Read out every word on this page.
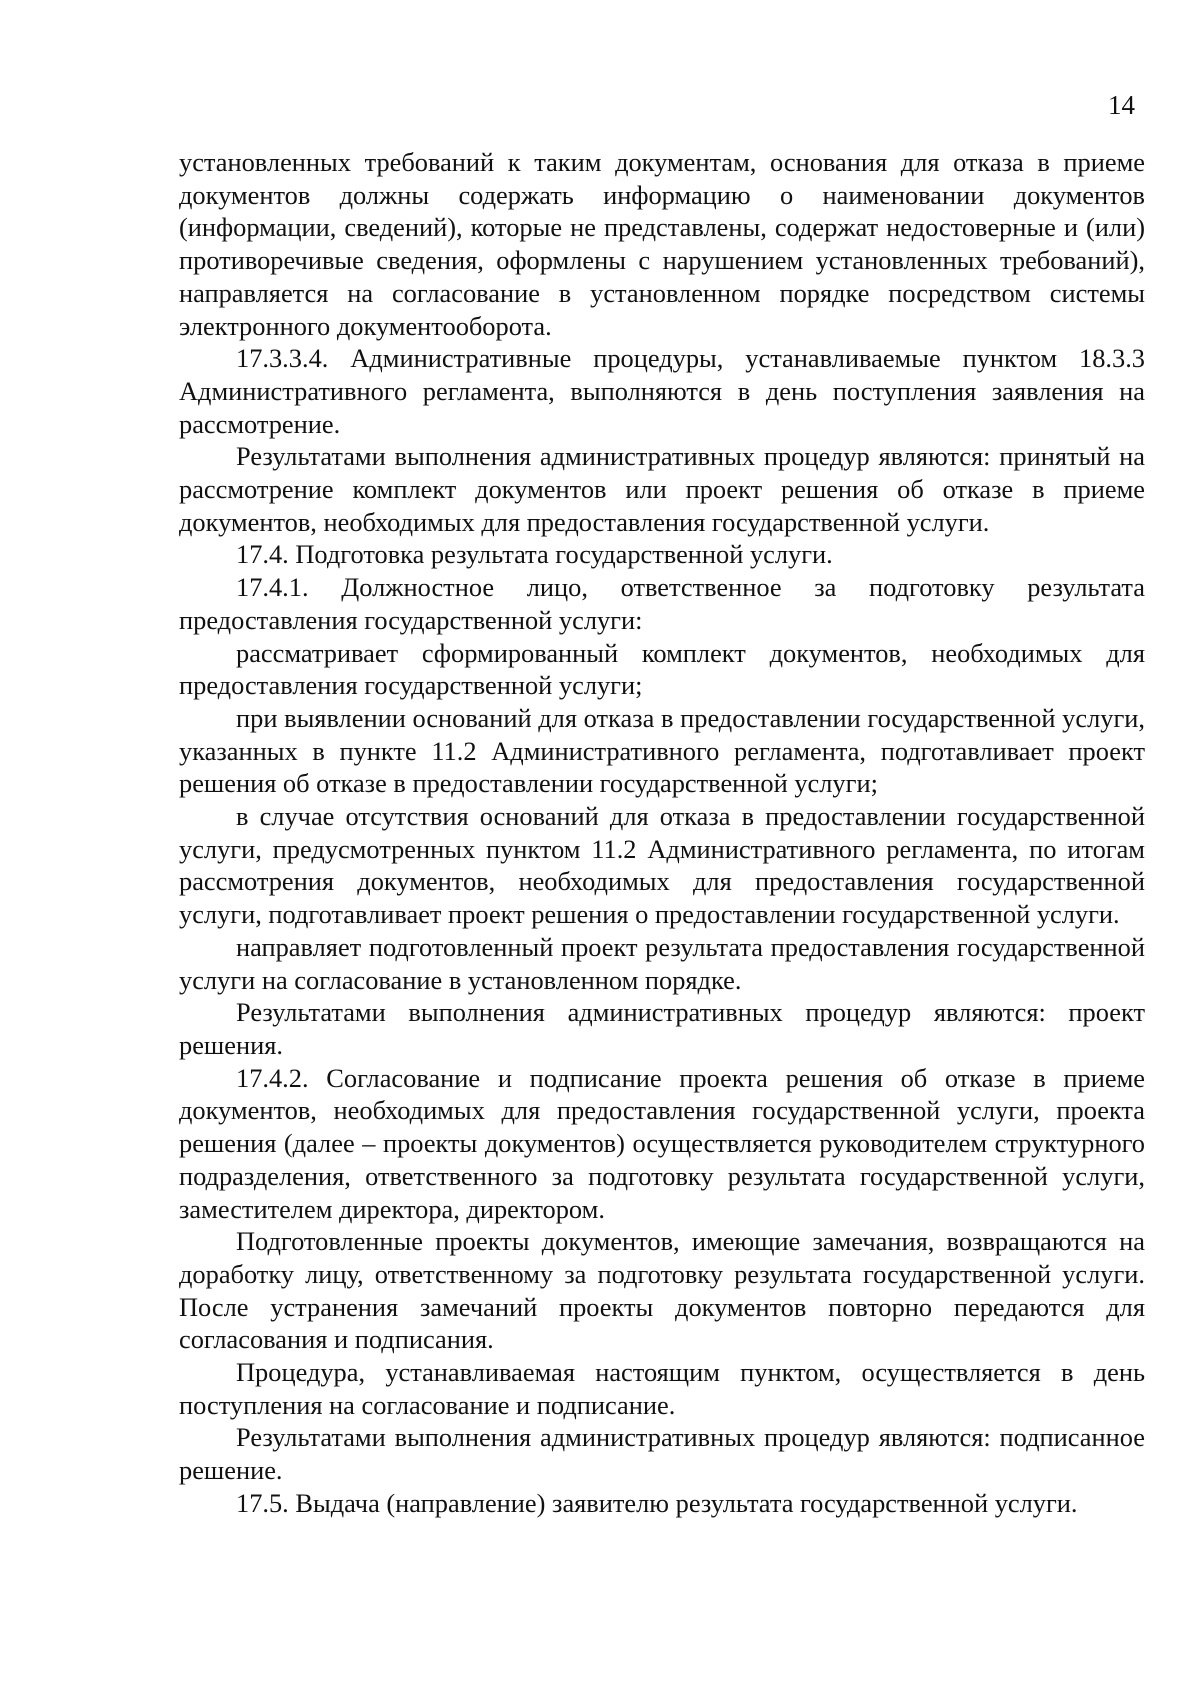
14

установленных требований к таким документам, основания для отказа в приеме документов должны содержать информацию о наименовании документов (информации, сведений), которые не представлены, содержат недостоверные и (или) противоречивые сведения, оформлены с нарушением установленных требований), направляется на согласование в установленном порядке посредством системы электронного документооборота.

17.3.3.4. Административные процедуры, устанавливаемые пунктом 18.3.3 Административного регламента, выполняются в день поступления заявления на рассмотрение.

Результатами выполнения административных процедур являются: принятый на рассмотрение комплект документов или проект решения об отказе в приеме документов, необходимых для предоставления государственной услуги.

17.4. Подготовка результата государственной услуги.

17.4.1. Должностное лицо, ответственное за подготовку результата предоставления государственной услуги:

рассматривает сформированный комплект документов, необходимых для предоставления государственной услуги;

при выявлении оснований для отказа в предоставлении государственной услуги, указанных в пункте 11.2 Административного регламента, подготавливает проект решения об отказе в предоставлении государственной услуги;

в случае отсутствия оснований для отказа в предоставлении государственной услуги, предусмотренных пунктом 11.2 Административного регламента, по итогам рассмотрения документов, необходимых для предоставления государственной услуги, подготавливает проект решения о предоставлении государственной услуги.

направляет подготовленный проект результата предоставления государственной услуги на согласование в установленном порядке.

Результатами выполнения административных процедур являются: проект решения.

17.4.2. Согласование и подписание проекта решения об отказе в приеме документов, необходимых для предоставления государственной услуги, проекта решения (далее – проекты документов) осуществляется руководителем структурного подразделения, ответственного за подготовку результата государственной услуги, заместителем директора, директором.

Подготовленные проекты документов, имеющие замечания, возвращаются на доработку лицу, ответственному за подготовку результата государственной услуги. После устранения замечаний проекты документов повторно передаются для согласования и подписания.

Процедура, устанавливаемая настоящим пунктом, осуществляется в день поступления на согласование и подписание.

Результатами выполнения административных процедур являются: подписанное решение.

17.5. Выдача (направление) заявителю результата государственной услуги.
